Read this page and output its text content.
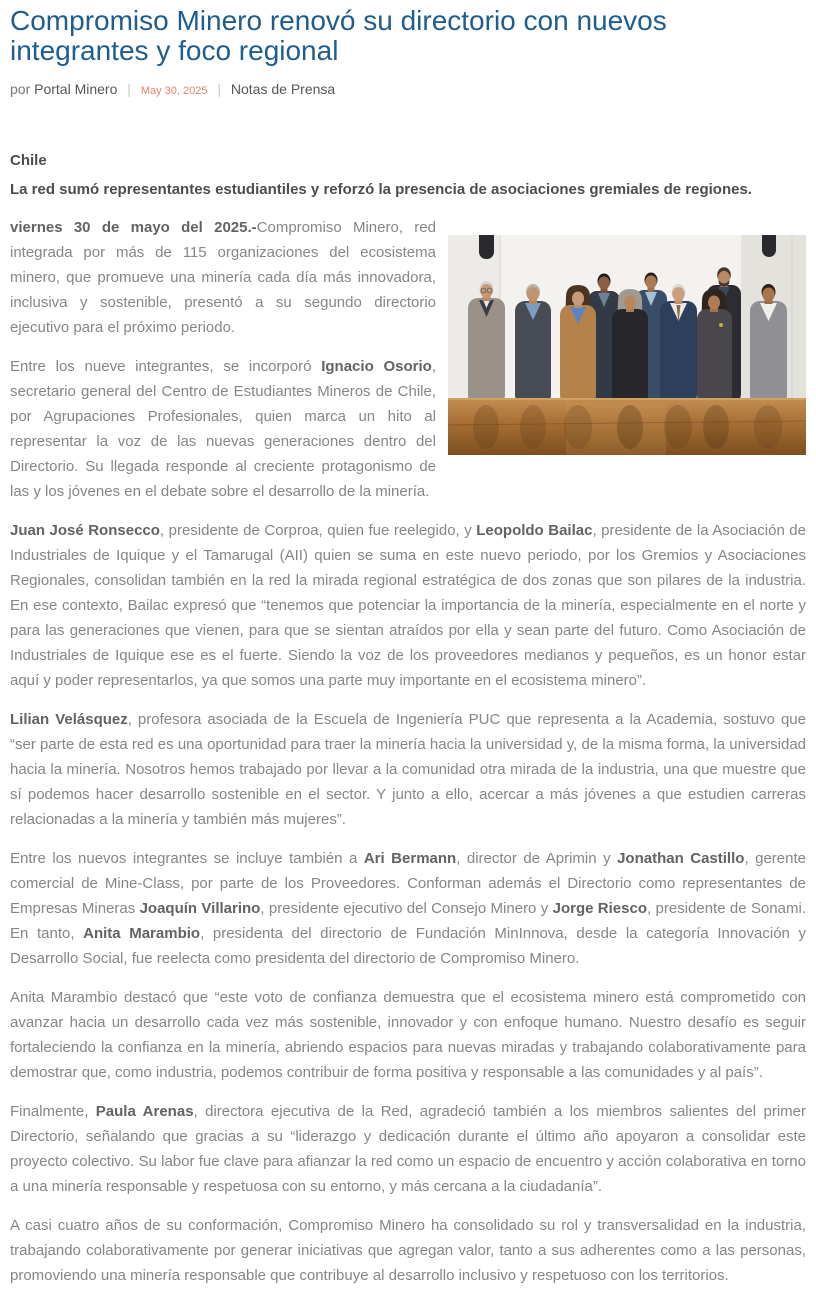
Compromiso Minero renovó su directorio con nuevos integrantes y foco regional
por Portal Minero | May 30, 2025 | Notas de Prensa

Chile

La red sumó representantes estudiantiles y reforzó la presencia de asociaciones gremiales de regiones.

viernes 30 de mayo del 2025.-Compromiso Minero, red integrada por más de 115 organizaciones del ecosistema minero, que promueve una minería cada día más innovadora, inclusiva y sostenible, presentó a su segundo directorio ejecutivo para el próximo periodo.

Entre los nueve integrantes, se incorporó Ignacio Osorio, secretario general del Centro de Estudiantes Mineros de Chile, por Agrupaciones Profesionales, quien marca un hito al representar la voz de las nuevas generaciones dentro del Directorio. Su llegada responde al creciente protagonismo de las y los jóvenes en el debate sobre el desarrollo de la minería.

Juan José Ronsecco, presidente de Corproa, quien fue reelegido, y Leopoldo Bailac, presidente de la Asociación de Industriales de Iquique y el Tamarugal (AII) quien se suma en este nuevo periodo, por los Gremios y Asociaciones Regionales, consolidan también en la red la mirada regional estratégica de dos zonas que son pilares de la industria. En ese contexto, Bailac expresó que “tenemos que potenciar la importancia de la minería, especialmente en el norte y para las generaciones que vienen, para que se sientan atraídos por ella y sean parte del futuro. Como Asociación de Industriales de Iquique ese es el fuerte. Siendo la voz de los proveedores medianos y pequeños, es un honor estar aquí y poder representarlos, ya que somos una parte muy importante en el ecosistema minero”.

Lilian Velásquez, profesora asociada de la Escuela de Ingeniería PUC que representa a la Academia, sostuvo que “ser parte de esta red es una oportunidad para traer la minería hacia la universidad y, de la misma forma, la universidad hacia la minería. Nosotros hemos trabajado por llevar a la comunidad otra mirada de la industria, una que muestre que sí podemos hacer desarrollo sostenible en el sector. Y junto a ello, acercar a más jóvenes a que estudien carreras relacionadas a la minería y también más mujeres”.

Entre los nuevos integrantes se incluye también a Ari Bermann, director de Aprimin y Jonathan Castillo, gerente comercial de Mine-Class, por parte de los Proveedores. Conforman además el Directorio como representantes de Empresas Mineras Joaquín Villarino, presidente ejecutivo del Consejo Minero y Jorge Riesco, presidente de Sonami. En tanto, Anita Marambio, presidenta del directorio de Fundación MinInnova, desde la categoría Innovación y Desarrollo Social, fue reelecta como presidenta del directorio de Compromiso Minero.

Anita Marambio destacó que “este voto de confianza demuestra que el ecosistema minero está comprometido con avanzar hacia un desarrollo cada vez más sostenible, innovador y con enfoque humano. Nuestro desafío es seguir fortaleciendo la confianza en la minería, abriendo espacios para nuevas miradas y trabajando colaborativamente para demostrar que, como industria, podemos contribuir de forma positiva y responsable a las comunidades y al país”.

Finalmente, Paula Arenas, directora ejecutiva de la Red, agradeció también a los miembros salientes del primer Directorio, señalando que gracias a su “liderazgo y dedicación durante el último año apoyaron a consolidar este proyecto colectivo. Su labor fue clave para afianzar la red como un espacio de encuentro y acción colaborativa en torno a una minería responsable y respetuosa con su entorno, y más cercana a la ciudadanía”.

A casi cuatro años de su conformación, Compromiso Minero ha consolidado su rol y transversalidad en la industria, trabajando colaborativamente por generar iniciativas que agregan valor, tanto a sus adherentes como a las personas, promoviendo una minería responsable que contribuye al desarrollo inclusivo y respetuoso con los territorios.
